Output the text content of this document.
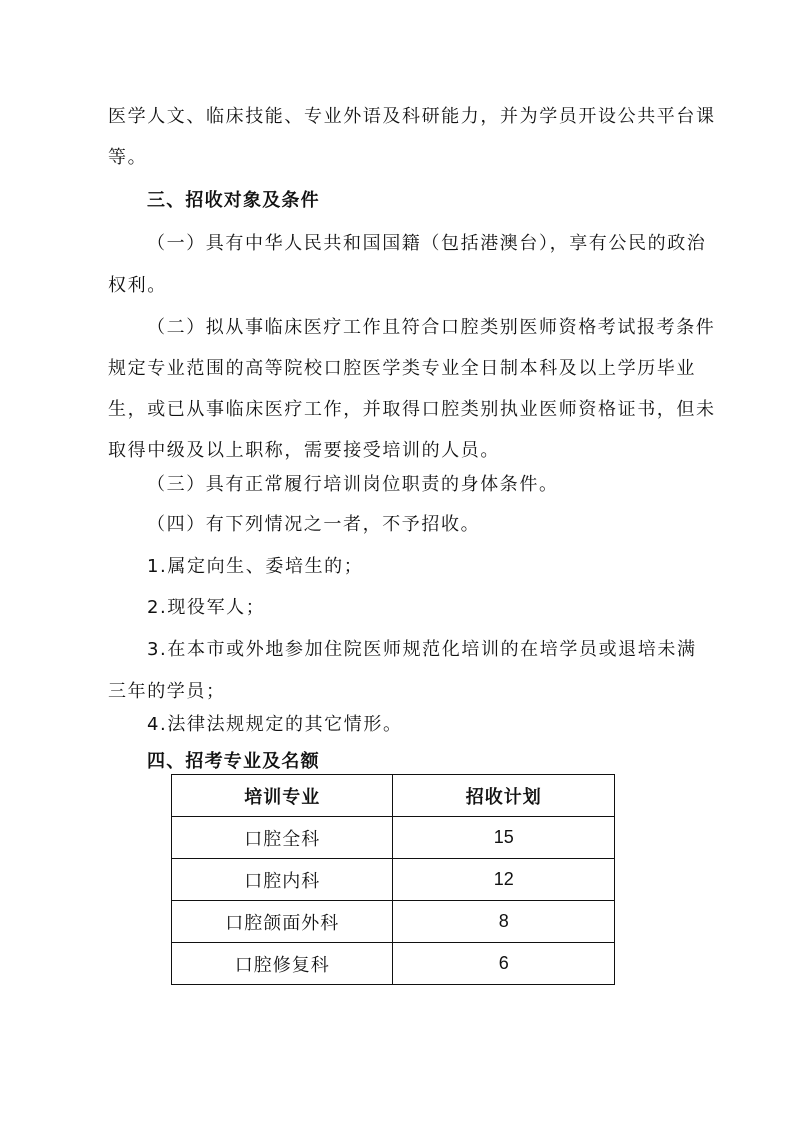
医学人文、临床技能、专业外语及科研能力，并为学员开设公共平台课
等。
三、招收对象及条件
（一）具有中华人民共和国国籍（包括港澳台），享有公民的政治
权利。
（二）拟从事临床医疗工作且符合口腔类别医师资格考试报考条件
规定专业范围的高等院校口腔医学类专业全日制本科及以上学历毕业
生，或已从事临床医疗工作，并取得口腔类别执业医师资格证书，但未
取得中级及以上职称，需要接受培训的人员。
（三）具有正常履行培训岗位职责的身体条件。
（四）有下列情况之一者，不予招收。
1.属定向生、委培生的；
2.现役军人；
3.在本市或外地参加住院医师规范化培训的在培学员或退培未满
三年的学员；
4.法律法规规定的其它情形。
四、招考专业及名额
培训专业	招收计划
口腔全科	15
口腔内科	12
口腔颌面外科	8
口腔修复科	6
